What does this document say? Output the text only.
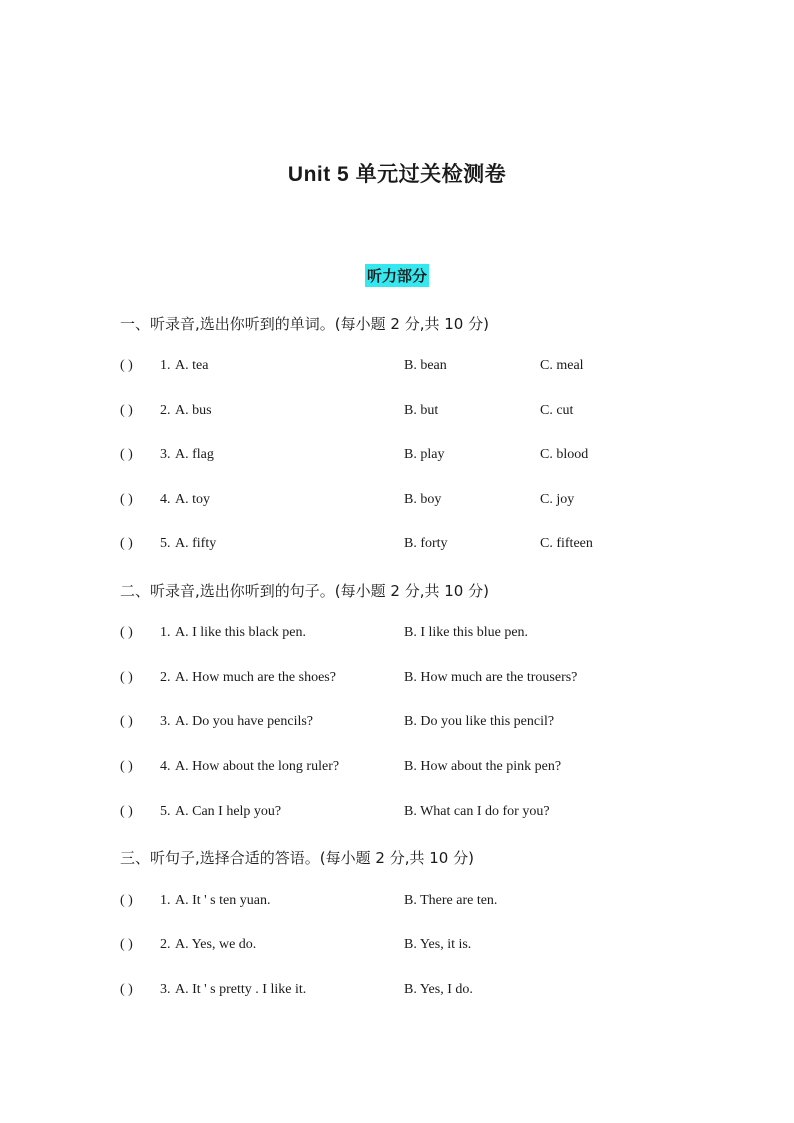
Unit 5 单元过关检测卷
听力部分
一、听录音,选出你听到的单词。(每小题 2 分,共 10 分)
( ) 1. A. tea	B. bean	C. meal
( ) 2. A. bus	B. but	C. cut
( ) 3. A. flag	B. play	C. blood
( ) 4. A. toy	B. boy	C. joy
( ) 5. A. fifty	B. forty	C. fifteen
二、听录音,选出你听到的句子。(每小题 2 分,共 10 分)
( ) 1. A. I like this black pen.	B. I like this blue pen.
( ) 2. A. How much are the shoes?	B. How much are the trousers?
( ) 3. A. Do you have pencils?	B. Do you like this pencil?
( ) 4. A. How about the long ruler?	B. How about the pink pen?
( ) 5. A. Can I help you?	B. What can I do for you?
三、听句子,选择合适的答语。(每小题 2 分,共 10 分)
( ) 1. A. It ' s ten yuan.	B. There are ten.
( ) 2. A. Yes, we do.	B. Yes, it is.
( ) 3. A. It ' s pretty . I like it.	B. Yes, I do.
